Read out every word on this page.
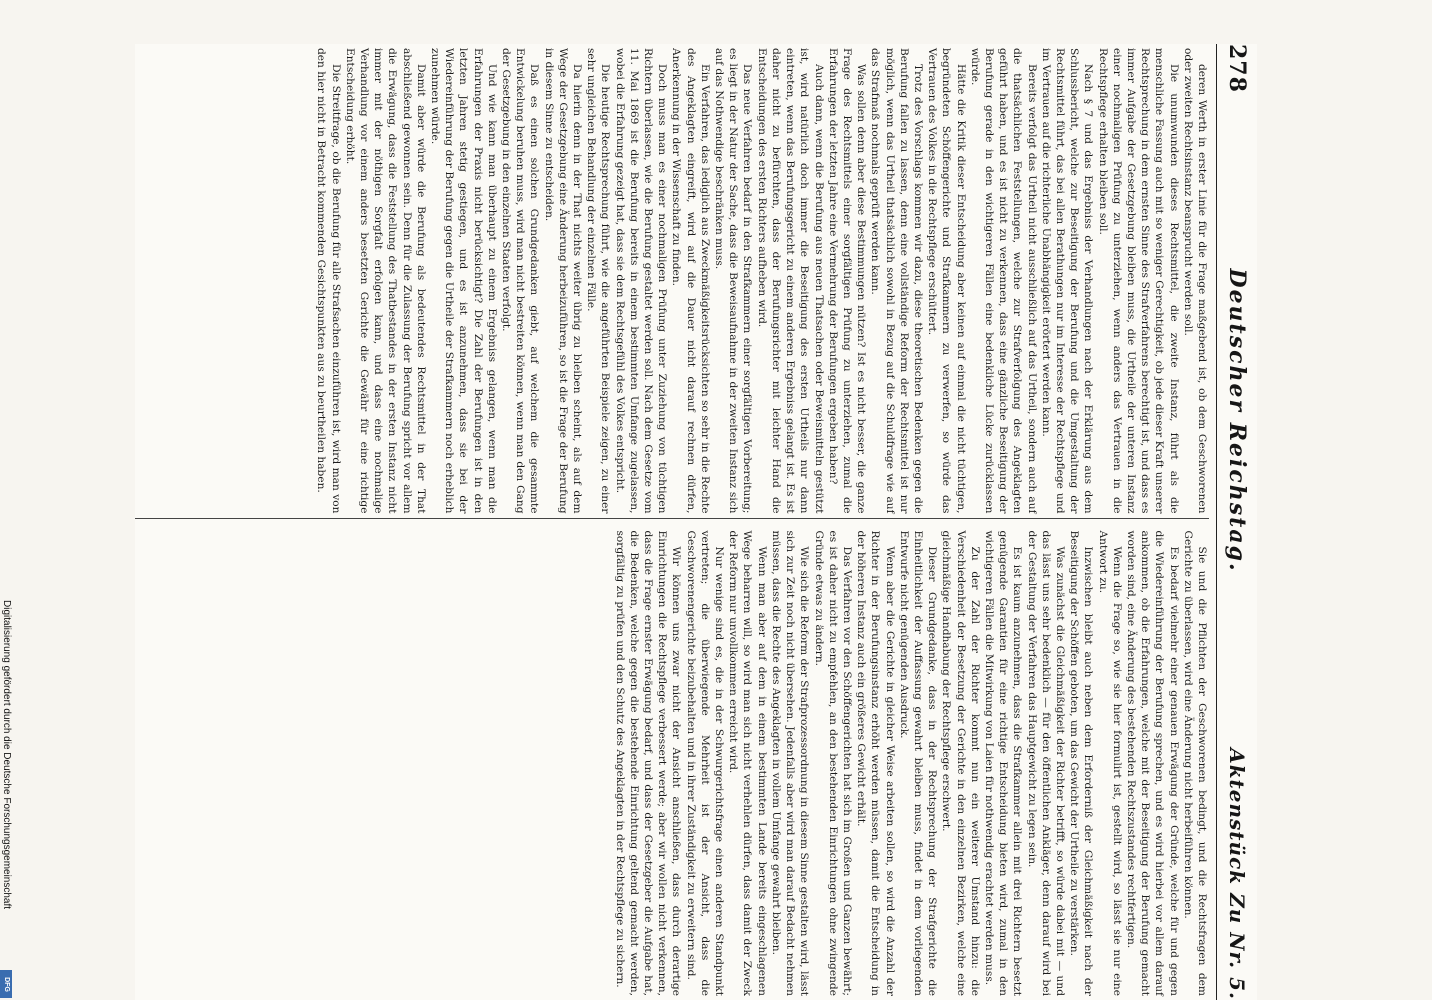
278
Deutscher Reichstag.
Aktenstück Zu Nr. 5.

deren Werth in erster Linie für die Frage maßgebend ist, ob dem Geschworenen oder zweiten Rechtsinstanz beansprucht werden soll.

Die unumwunden dieses Rechtsmittel, die zweite Instanz, führt als die menschliche Fassung auch mit so weniger Gerechtigkeit, ob jede dieser Kraft unserer Rechtsprechung in dem ernsten Sinne des Strafverfahrens berechtigt ist, und dass es immer Aufgabe der Gesetzgebung bleiben muss, die Urtheile der unteren Instanz einer nochmaligen Prüfung zu unterziehen, wenn anders das Vertrauen in die Rechtspflege erhalten bleiben soll.

Nach § 7 und das Ergebniss der Verhandlungen nach der Erklärung aus dem Schlussbericht, welche zur Beseitigung der Berufung und die Umgestaltung der Rechtsmittel führt, das bei allen Berathungen nur im Interesse der Rechtspflege und im Vertrauen auf die richterliche Unabhängigkeit erörtert werden kann.

Bereits verfolgt das Urtheil nicht ausschließlich auf das Urtheil, sondern auch auf die thatsächlichen Feststellungen, welche zur Strafverfolgung des Angeklagten geführt haben, und es ist nicht zu verkennen, dass eine gänzliche Beseitigung der Berufung gerade in den wichtigeren Fällen eine bedenkliche Lücke zurücklassen würde.

Hätte die Kritik dieser Entscheidung aber keinen auf einmal die nicht tüchtigen, begründeten Schöffengerichte und Strafkammern zu verwerfen, so würde das Vertrauen des Volkes in die Rechtspflege erschüttert.

Trotz des Vorschlags kommen wir dazu, diese theoretischen Bedenken gegen die Berufung fallen zu lassen, denn eine vollständige Reform der Rechtsmittel ist nur möglich, wenn das Urtheil thatsächlich sowohl in Bezug auf die Schuldfrage wie auf das Strafmaß nochmals geprüft werden kann.

Was sollen denn aber diese Bestimmungen nützen? Ist es nicht besser, die ganze Frage des Rechtsmittels einer sorgfältigen Prüfung zu unterziehen, zumal die Erfahrungen der letzten Jahre eine Vermehrung der Berufungen ergeben haben?

Auch dann, wenn die Berufung aus neuen Thatsachen oder Beweismitteln gestützt ist, wird natürlich doch immer die Beseitigung des ersten Urtheils nur dann eintreten, wenn das Berufungsgericht zu einem anderen Ergebniss gelangt ist. Es ist daher nicht zu befürchten, dass der Berufungsrichter mit leichter Hand die Entscheidungen des ersten Richters aufheben wird.

Das neue Verfahren bedarf in den Strafkammern einer sorgfältigen Vorbereitung; es liegt in der Natur der Sache, dass die Beweisaufnahme in der zweiten Instanz sich auf das Nothwendige beschränken muss.

Ein Verfahren, das lediglich aus Zweckmäßigkeitsrücksichten so sehr in die Rechte des Angeklagten eingreift, wird auf die Dauer nicht darauf rechnen dürfen, Anerkennung in der Wissenschaft zu finden.

Doch muss man es einer nochmaligen Prüfung unter Zuziehung von tüchtigen Richtern überlassen, wie die Berufung gestaltet werden soll. Nach dem Gesetze vom 11. Mai 1869 ist die Berufung bereits in einem bestimmten Umfange zugelassen, wobei die Erfahrung gezeigt hat, dass sie dem Rechtsgefühl des Volkes entspricht.

Die heutige Rechtsprechung führt, wie die angeführten Beispiele zeigen, zu einer sehr ungleichen Behandlung der einzelnen Fälle.

Da hierin denn in der That nichts weiter übrig zu bleiben scheint, als auf dem Wege der Gesetzgebung eine Änderung herbeizuführen, so ist die Frage der Berufung in diesem Sinne zu entscheiden.

Daß es einen solchen Grundgedanken giebt, auf welchem die gesammte Entwickelung beruhen muss, wird man nicht bestreiten können, wenn man den Gang der Gesetzgebung in den einzelnen Staaten verfolgt.

Und wie kann man überhaupt zu einem Ergebniss gelangen, wenn man die Erfahrungen der Praxis nicht berücksichtigt? Die Zahl der Berufungen ist in den letzten Jahren stetig gestiegen, und es ist anzunehmen, dass sie bei der Wiedereinführung der Berufung gegen die Urtheile der Strafkammern noch erheblich zunehmen würde.

Damit aber würde die Berufung als bedeutendes Rechtsmittel in der That abschließend gewonnen sein. Denn für die Zulassung der Berufung spricht vor allem die Erwägung, dass die Feststellung des Thatbestandes in der ersten Instanz nicht immer mit der nöthigen Sorgfalt erfolgen kann, und dass eine nochmalige Verhandlung vor einem anders besetzten Gerichte die Gewähr für eine richtige Entscheidung erhöht.

Die Streitfrage, ob die Berufung für alle Strafsachen einzuführen ist, wird man von den hier nicht in Betracht kommenden Gesichtspunkten aus zu beurtheilen haben.

Sie und die Pflichten der Geschworenen bedingt, und die Rechtsfragen dem Gerichte zu überlassen, wird eine Änderung nicht herbeiführen können.

Es bedarf vielmehr einer genauen Erwägung der Gründe, welche für und gegen die Wiedereinführung der Berufung sprechen, und es wird hierbei vor allem darauf ankommen, ob die Erfahrungen, welche mit der Beseitigung der Berufung gemacht worden sind, eine Änderung des bestehenden Rechtszustandes rechtfertigen.

Wenn die Frage so, wie sie hier formulirt ist, gestellt wird, so lässt sie nur eine Antwort zu.

Inzwischen bleibt auch neben dem Erforderniß der Gleichmäßigkeit nach der Beseitigung der Schöffen geboten, um das Gewicht der Urtheile zu verstärken.

Was zunächst die Gleichmäßigkeit der Richter betrifft, so würde dabei mit — und das lässt uns sehr bedenklich — für den öffentlichen Ankläger, denn darauf wird bei der Gestaltung der Verfahren das Hauptgewicht zu legen sein.

Es ist kaum anzunehmen, dass die Strafkammer allein mit drei Richtern besetzt genügende Garantien für eine richtige Entscheidung bieten wird, zumal in den wichtigeren Fällen die Mitwirkung von Laien für nothwendig erachtet werden muss.

Zu der Zahl der Richter kommt nun ein weiterer Umstand hinzu: die Verschiedenheit der Besetzung der Gerichte in den einzelnen Bezirken, welche eine gleichmäßige Handhabung der Rechtspflege erschwert.

Dieser Grundgedanke, dass in der Rechtsprechung der Strafgerichte die Einheitlichkeit der Auffassung gewahrt bleiben muss, findet in dem vorliegenden Entwurfe nicht genügenden Ausdruck.

Wenn aber die Gerichte in gleicher Weise arbeiten sollen, so wird die Anzahl der Richter in der Berufungsinstanz erhöht werden müssen, damit die Entscheidung in der höheren Instanz auch ein größeres Gewicht erhält.

Das Verfahren vor den Schöffengerichten hat sich im Großen und Ganzen bewährt; es ist daher nicht zu empfehlen, an den bestehenden Einrichtungen ohne zwingende Gründe etwas zu ändern.

Wie sich die Reform der Strafprozessordnung in diesem Sinne gestalten wird, lässt sich zur Zeit noch nicht übersehen. Jedenfalls aber wird man darauf Bedacht nehmen müssen, dass die Rechte des Angeklagten in vollem Umfange gewahrt bleiben.

Wenn man aber auf dem in einem bestimmten Lande bereits eingeschlagenen Wege beharren will, so wird man sich nicht verhehlen dürfen, dass damit der Zweck der Reform nur unvollkommen erreicht wird.

Nur wenige sind es, die in der Schwurgerichtsfrage einen anderen Standpunkt vertreten; die überwiegende Mehrheit ist der Ansicht, dass die Geschworenengerichte beizubehalten und in ihrer Zuständigkeit zu erweitern sind.

Wir können uns zwar nicht der Ansicht anschließen, dass durch derartige Einrichtungen die Rechtspflege verbessert werde; aber wir wollen nicht verkennen, dass die Frage ernster Erwägung bedarf, und dass der Gesetzgeber die Aufgabe hat, die Bedenken, welche gegen die bestehende Einrichtung geltend gemacht werden, sorgfältig zu prüfen und den Schutz des Angeklagten in der Rechtspflege zu sichern.

Digitalisierung gefördert durch die Deutsche Forschungsgemeinschaft
DFG
